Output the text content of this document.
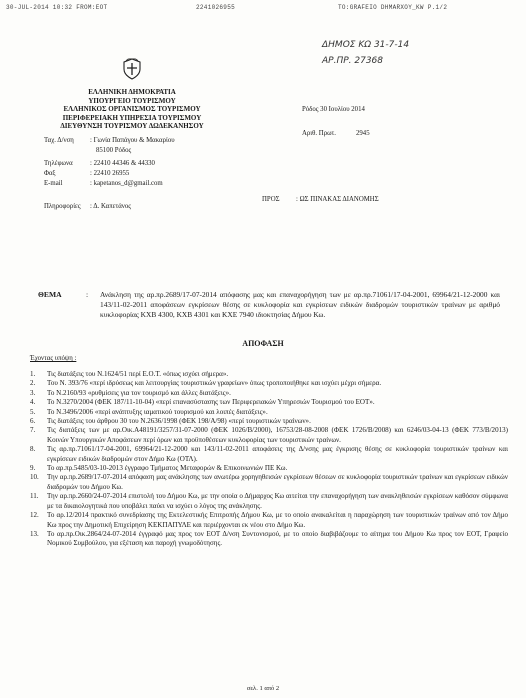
30-JUL-2014 10:32 FROM:EOT	2241026955	TO:GRAFEIO DHMARXOY_KW P.1/2
ΔΗΜΟΣ ΚΩ 31-7-14
ΑΡ.ΠΡ. 27368
ΕΛΛΗΝΙΚΗ ΔΗΜΟΚΡΑΤΙΑ
ΥΠΟΥΡΓΕΙΟ ΤΟΥΡΙΣΜΟΥ
ΕΛΛΗΝΙΚΟΣ ΟΡΓΑΝΙΣΜΟΣ ΤΟΥΡΙΣΜΟΥ
ΠΕΡΙΦΕΡΕΙΑΚΗ ΥΠΗΡΕΣΙΑ ΤΟΥΡΙΣΜΟΥ
ΔΙΕΥΘΥΝΣΗ ΤΟΥΡΙΣΜΟΥ ΔΩΔΕΚΑΝΗΣΟΥ
Ρόδος 30 Ιουλίου 2014
Αριθ. Πρωτ.	2945
Ταχ. Δ/νση : Γωνία Παπάγου & Μακαρίου
85100 Ρόδος
Τηλέφωνα	: 22410 44346 & 44330
Φαξ	: 22410 26955
E-mail	: kapetanos_d@gmail.com
Πληροφορίες : Δ. Καπετάνος
ΠΡΟΣ : ΩΣ ΠΙΝΑΚΑΣ ΔΙΑΝΟΜΗΣ
ΘΕΜΑ	: Ανάκληση της αρ.πρ.2689/17-07-2014 απόφασης μας και επαναχορήγηση των με αρ.πρ.71061/17-04-2001, 69964/21-12-2000 και 143/11-02-2011 αποφάσεων εγκρίσεων θέσης σε κυκλοφορία και εγκρίσεων ειδικών διαδρομών τουριστικών τραίνων με αριθμό κυκλοφορίας ΚΧΒ 4300, ΚΧΒ 4301 και ΚΧΕ 7940 ιδιοκτησίας Δήμου Κω.
ΑΠΟΦΑΣΗ
Έχοντας υπόψη :
1. Τις διατάξεις του Ν.1624/51 περί Ε.Ο.Τ. «όπως ισχύει σήμερα».
2. Του Ν. 393/76 «περί ιδρύσεως και λειτουργίας τουριστικών γραφείων» όπως τροποποιήθηκε και ισχύει μέχρι σήμερα.
3. Το Ν.2160/93 «ρυθμίσεις για τον τουρισμό και άλλες διατάξεις».
4. Το Ν.3270/2004 (ΦΕΚ 187/11-10-04) «περί επανασύστασης των Περιφερειακών Υπηρεσιών Τουρισμού του ΕΟΤ».
5. Το Ν.3496/2006 «περί ανάπτυξης ιαματικού τουρισμού και λοιπές διατάξεις».
6. Τις διατάξεις του άρθρου 30 του Ν.2636/1998 (ΦΕΚ 198/Α/98) «περί τουριστικών τραίνων».
7. Τις διατάξεις των με αρ.Οικ.Α48191/3257/31-07-2000 (ΦΕΚ 1026/Β/2000), 16753/28-08-2008 (ΦΕΚ 1726/Β/2008) και 6246/03-04-13 (ΦΕΚ 773/Β/2013) Κοινών Υπουργικών Αποφάσεων περί όρων και προϋποθέσεων κυκλοφορίας των τουριστικών τραίνων.
8. Τις αρ.πρ.71061/17-04-2001, 69964/21-12-2000 και 143/11-02-2011 αποφάσεις της Δ/νσης μας έγκρισης θέσης σε κυκλοφορία τουριστικών τραίνων και εγκρίσεων ειδικών διαδρομών στον Δήμο Κω (ΟΤΛ).
9. Το αρ.πρ.5485/03-10-2013 έγγραφο Τμήματος Μεταφορών & Επικοινωνιών ΠΕ Κω.
10. Την αρ.πρ.2689/17-07-2014 απόφαση μας ανάκλησης των ανωτέρω χορηγηθεισών εγκρίσεων θέσεων σε κυκλοφορία τουριστικών τραίνων και εγκρίσεων ειδικών διαδρομών του Δήμου Κω.
11. Την αρ.πρ.2660/24-07-2014 επιστολή του Δήμου Κω, με την οποία ο Δήμαρχος Κω αιτείται την επαναχορήγηση των ανακληθεισών εγκρίσεων καθόσον σύμφωνα με τα δικαιολογητικά που υποβάλει παύει να ισχύει ο λόγος της ανάκλησης.
12. Το αρ.12/2014 πρακτικό συνεδρίασης της Εκτελεστικής Επιτροπής Δήμου Κω, με το οποίο ανακαλείται η παραχώρηση των τουριστικών τραίνων από τον Δήμο Κω προς την Δημοτική Επιχείρηση ΚΕΚΠΑΠΥΛΕ και περιέρχονται εκ νέου στο Δήμο Κω.
13. Το αρ.πρ.Οικ.2864/24-07-2014 έγγραφό μας προς τον ΕΟΤ Δ/νση Συντονισμού, με το οποίο διαβιβάζουμε το αίτημα του Δήμου Κω προς τον ΕΟΤ, Γραφείο Νομικού Συμβούλου, για εξέταση και παροχή γνωμοδότησης.
σελ. 1 από 2
